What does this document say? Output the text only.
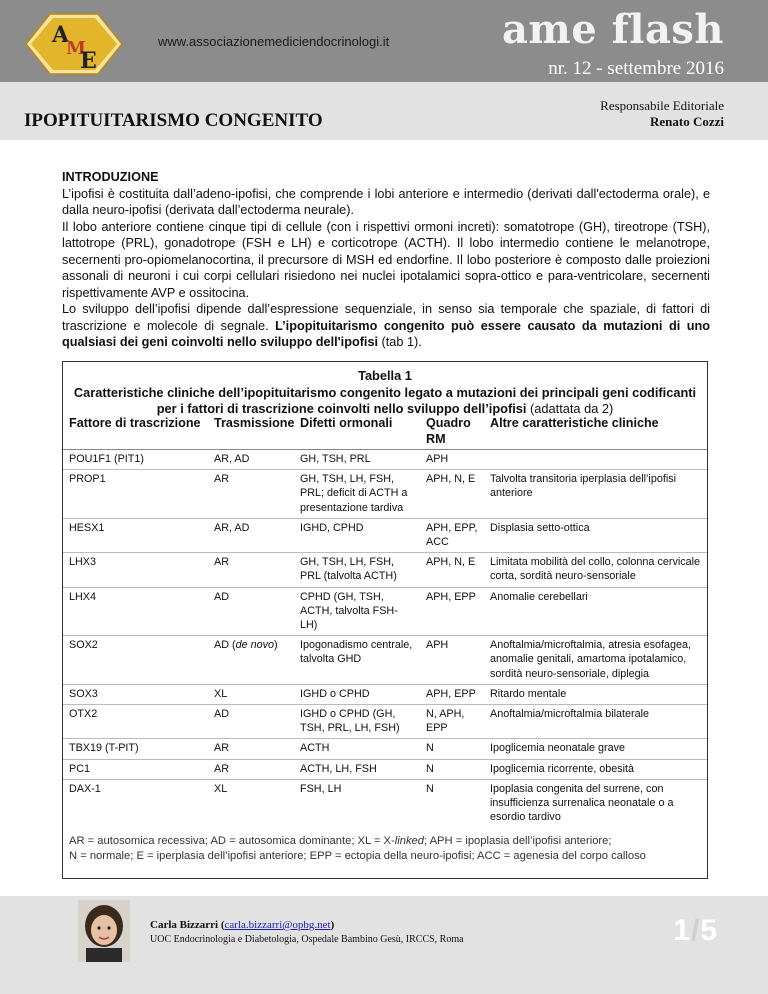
A
M
E
www.associazionemediciendocrinologi.it	ame flash
nr. 12 - settembre 2016
IPOPITUITARISMO CONGENITO
Responsabile Editoriale
Renato Cozzi

INTRODUZIONE

L’ipofisi è costituita dall’adeno-ipofisi, che comprende i lobi anteriore e intermedio (derivati dall'ectoderma orale), e dalla neuro-ipofisi (derivata dall’ectoderma neurale).

Il lobo anteriore contiene cinque tipi di cellule (con i rispettivi ormoni increti): somatotrope (GH), tireotrope (TSH), lattotrope (PRL), gonadotrope (FSH e LH) e corticotrope (ACTH). Il lobo intermedio contiene le melanotrope, secernenti pro-opiomelanocortina, il precursore di MSH ed endorfine. Il lobo posteriore è composto dalle proiezioni assonali di neuroni i cui corpi cellulari risiedono nei nuclei ipotalamici sopra-ottico e para-ventricolare, secernenti rispettivamente AVP e ossitocina.

Lo sviluppo dell’ipofisi dipende dall’espressione sequenziale, in senso sia temporale che spaziale, di fattori di trascrizione e molecole di segnale. L’ipopituitarismo congenito può essere causato da mutazioni di uno qualsiasi dei geni coinvolti nello sviluppo dell'ipofisi (tab 1).

Tabella 1
Caratteristiche cliniche dell’ipopituitarismo congenito legato a mutazioni dei principali geni codificanti per i fattori di trascrizione coinvolti nello sviluppo dell’ipofisi (adattata da 2)
Fattore di trascrizione	Trasmissione	Difetti ormonali	Quadro RM	Altre caratteristiche cliniche
POU1F1 (PIT1)	AR, AD	GH, TSH, PRL	APH	
PROP1	AR	GH, TSH, LH, FSH, PRL; deficit di ACTH a presentazione tardiva	APH, N, E	Talvolta transitoria iperplasia dell’ipofisi anteriore
HESX1	AR, AD	IGHD, CPHD	APH, EPP, ACC	Displasia setto-ottica
LHX3	AR	GH, TSH, LH, FSH, PRL (talvolta ACTH)	APH, N, E	Limitata mobilità del collo, colonna cervicale corta, sordità neuro-sensoriale
LHX4	AD	CPHD (GH, TSH, ACTH, talvolta FSH-LH)	APH, EPP	Anomalie cerebellari
SOX2	AD (de novo)	Ipogonadismo centrale, talvolta GHD	APH	Anoftalmia/microftalmia, atresia esofagea, anomalie genitali, amartoma ipotalamico, sordità neuro-sensoriale, diplegia
SOX3	XL	IGHD o CPHD	APH, EPP	Ritardo mentale
OTX2	AD	IGHD o CPHD (GH, TSH, PRL, LH, FSH)	N, APH, EPP	Anoftalmia/microftalmia bilaterale
TBX19 (T-PIT)	AR	ACTH	N	Ipoglicemia neonatale grave
PC1	AR	ACTH, LH, FSH	N	Ipoglicemia ricorrente, obesità
DAX-1	XL	FSH, LH	N	Ipoplasia congenita del surrene, con insufficienza surrenalica neonatale o a esordio tardivo

AR = autosomica recessiva; AD = autosomica dominante; XL = X-linked; APH = ipoplasia dell’ipofisi anteriore;

N = normale; E = iperplasia dell’ipofisi anteriore; EPP = ectopia della neuro-ipofisi; ACC = agenesia del corpo calloso

Carla Bizzarri (carla.bizzarri@opbg.net)
UOC Endocrinologia e Diabetologia, Ospedale Bambino Gesù, IRCCS, Roma	1/5
